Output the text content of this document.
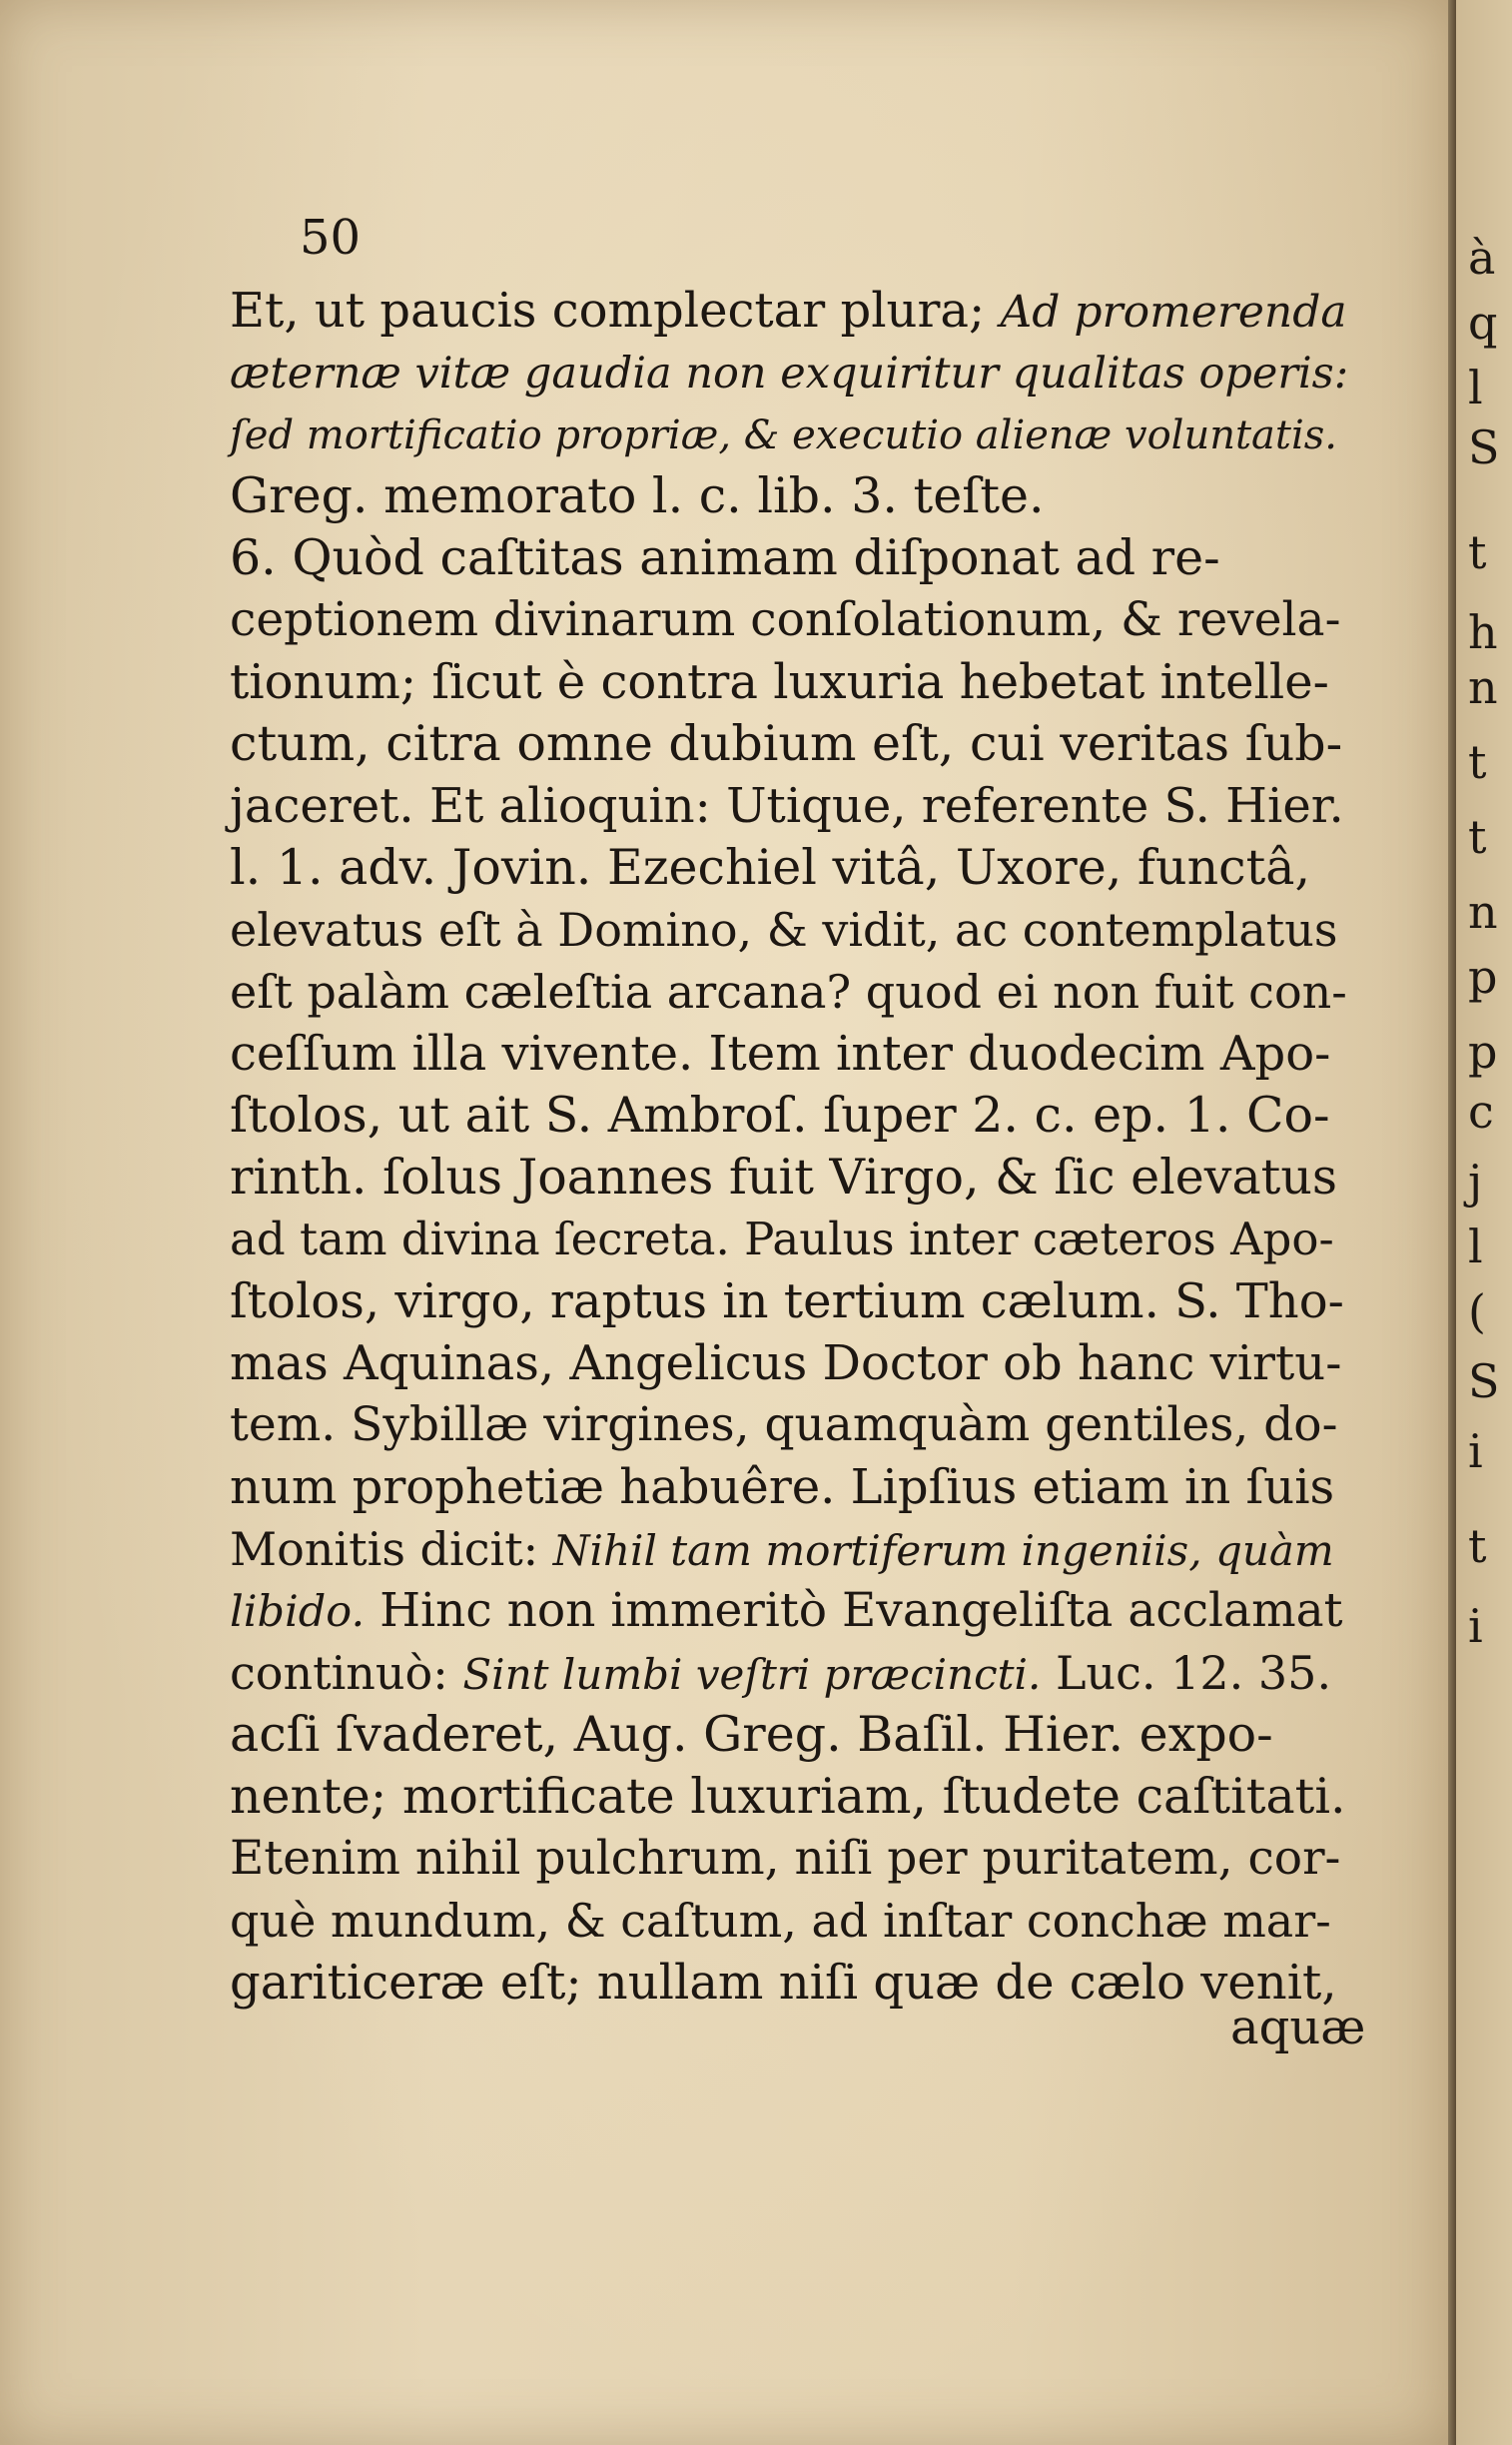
50
Et, ut paucis complectar plura; Ad promerenda
æternæ vitæ gaudia non exquiritur qualitas operis:
ſed mortificatio propriæ, & executio alienæ voluntatis.
Greg. memorato l. c. lib. 3. teſte.
6. Quòd caſtitas animam diſponat ad re-
ceptionem divinarum conſolationum, & revela-
tionum; ſicut è contra luxuria hebetat intelle-
ctum, citra omne dubium eſt, cui veritas ſub-
jaceret. Et alioquin: Utique, referente S. Hier.
l. 1. adv. Jovin. Ezechiel vitâ, Uxore, functâ,
elevatus eſt à Domino, & vidit, ac contemplatus
eſt palàm cæleſtia arcana? quod ei non fuit con-
ceſſum illa vivente. Item inter duodecim Apo-
ſtolos, ut ait S. Ambroſ. ſuper 2. c. ep. 1. Co-
rinth. ſolus Joannes fuit Virgo, & ſic elevatus
ad tam divina ſecreta. Paulus inter cæteros Apo-
ſtolos, virgo, raptus in tertium cælum. S. Tho-
mas Aquinas, Angelicus Doctor ob hanc virtu-
tem. Sybillæ virgines, quamquàm gentiles, do-
num prophetiæ habuêre. Lipſius etiam in ſuis
Monitis dicit: Nihil tam mortiferum ingeniis, quàm
libido. Hinc non immeritò Evangeliſta acclamat
continuò: Sint lumbi veſtri præcincti. Luc. 12. 35.
acſi ſvaderet, Aug. Greg. Baſil. Hier. expo-
nente; mortificate luxuriam, ſtudete caſtitati.
Etenim nihil pulchrum, niſi per puritatem, cor-
què mundum, & caſtum, ad inſtar conchæ mar-
gariticeræ eſt; nullam niſi quæ de cælo venit,
aquæ
à
q
l
S
t
h
n
t
t
n
p
p
c
j
l
(
S
i
t
i
